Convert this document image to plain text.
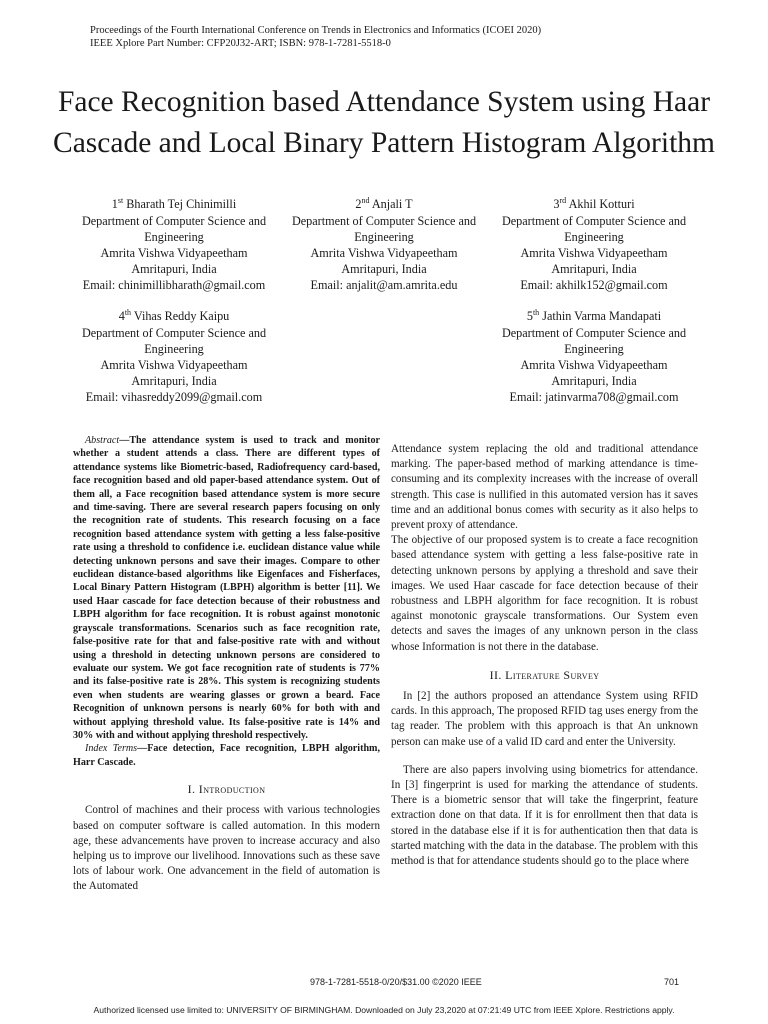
Proceedings of the Fourth International Conference on Trends in Electronics and Informatics (ICOEI 2020)
IEEE Xplore Part Number: CFP20J32-ART; ISBN: 978-1-7281-5518-0
Face Recognition based Attendance System using Haar Cascade and Local Binary Pattern Histogram Algorithm
1st Bharath Tej Chinimilli
Department of Computer Science and
Engineering
Amrita Vishwa Vidyapeetham
Amritapuri, India
Email: chinimillibharath@gmail.com
2nd Anjali T
Department of Computer Science and
Engineering
Amrita Vishwa Vidyapeetham
Amritapuri, India
Email: anjalit@am.amrita.edu
3rd Akhil Kotturi
Department of Computer Science and
Engineering
Amrita Vishwa Vidyapeetham
Amritapuri, India
Email: akhilk152@gmail.com
4th Vihas Reddy Kaipu
Department of Computer Science and
Engineering
Amrita Vishwa Vidyapeetham
Amritapuri, India
Email: vihasreddy2099@gmail.com
5th Jathin Varma Mandapati
Department of Computer Science and
Engineering
Amrita Vishwa Vidyapeetham
Amritapuri, India
Email: jatinvarma708@gmail.com

Abstract—The attendance system is used to track and monitor whether a student attends a class. There are different types of attendance systems like Biometric-based, Radiofrequency card-based, face recognition based and old paper-based attendance system. Out of them all, a Face recognition based attendance system is more secure and time-saving. There are several research papers focusing on only the recognition rate of students. This research focusing on a face recognition based attendance system with getting a less false-positive rate using a threshold to confidence i.e. euclidean distance value while detecting unknown persons and save their images. Compare to other euclidean distance-based algorithms like Eigenfaces and Fisherfaces, Local Binary Pattern Histogram (LBPH) algorithm is better [11]. We used Haar cascade for face detection because of their robustness and LBPH algorithm for face recognition. It is robust against monotonic grayscale transformations. Scenarios such as face recognition rate, false-positive rate for that and false-positive rate with and without using a threshold in detecting unknown persons are considered to evaluate our system. We got face recognition rate of students is 77% and its false-positive rate is 28%. This system is recognizing students even when students are wearing glasses or grown a beard. Face Recognition of unknown persons is nearly 60% for both with and without applying threshold value. Its false-positive rate is 14% and 30% with and without applying threshold respectively.

Index Terms—Face detection, Face recognition, LBPH algorithm, Harr Cascade.

I. Introduction

Control of machines and their process with various technologies based on computer software is called automation. In this modern age, these advancements have proven to increase accuracy and also helping us to improve our livelihood. Innovations such as these save lots of labour work. One advancement in the field of automation is the Automated

Attendance system replacing the old and traditional attendance marking. The paper-based method of marking attendance is time-consuming and its complexity increases with the increase of overall strength. This case is nullified in this automated version has it saves time and an additional bonus comes with security as it also helps to prevent proxy of attendance.

The objective of our proposed system is to create a face recognition based attendance system with getting a less false-positive rate in detecting unknown persons by applying a threshold and save their images. We used Haar cascade for face detection because of their robustness and LBPH algorithm for face recognition. It is robust against monotonic grayscale transformations. Our System even detects and saves the images of any unknown person in the class whose Information is not there in the database.

II. Literature Survey

In [2] the authors proposed an attendance System using RFID cards. In this approach, The proposed RFID tag uses energy from the tag reader. The problem with this approach is that An unknown person can make use of a valid ID card and enter the University.

There are also papers involving using biometrics for attendance. In [3] fingerprint is used for marking the attendance of students. There is a biometric sensor that will take the fingerprint, feature extraction done on that data. If it is for enrollment then that data is stored in the database else if it is for authentication then that data is started matching with the data in the database. The problem with this method is that for attendance students should go to the place where

978-1-7281-5518-0/20/$31.00 ©2020 IEEE	701
Authorized licensed use limited to: UNIVERSITY OF BIRMINGHAM. Downloaded on July 23,2020 at 07:21:49 UTC from IEEE Xplore. Restrictions apply.
